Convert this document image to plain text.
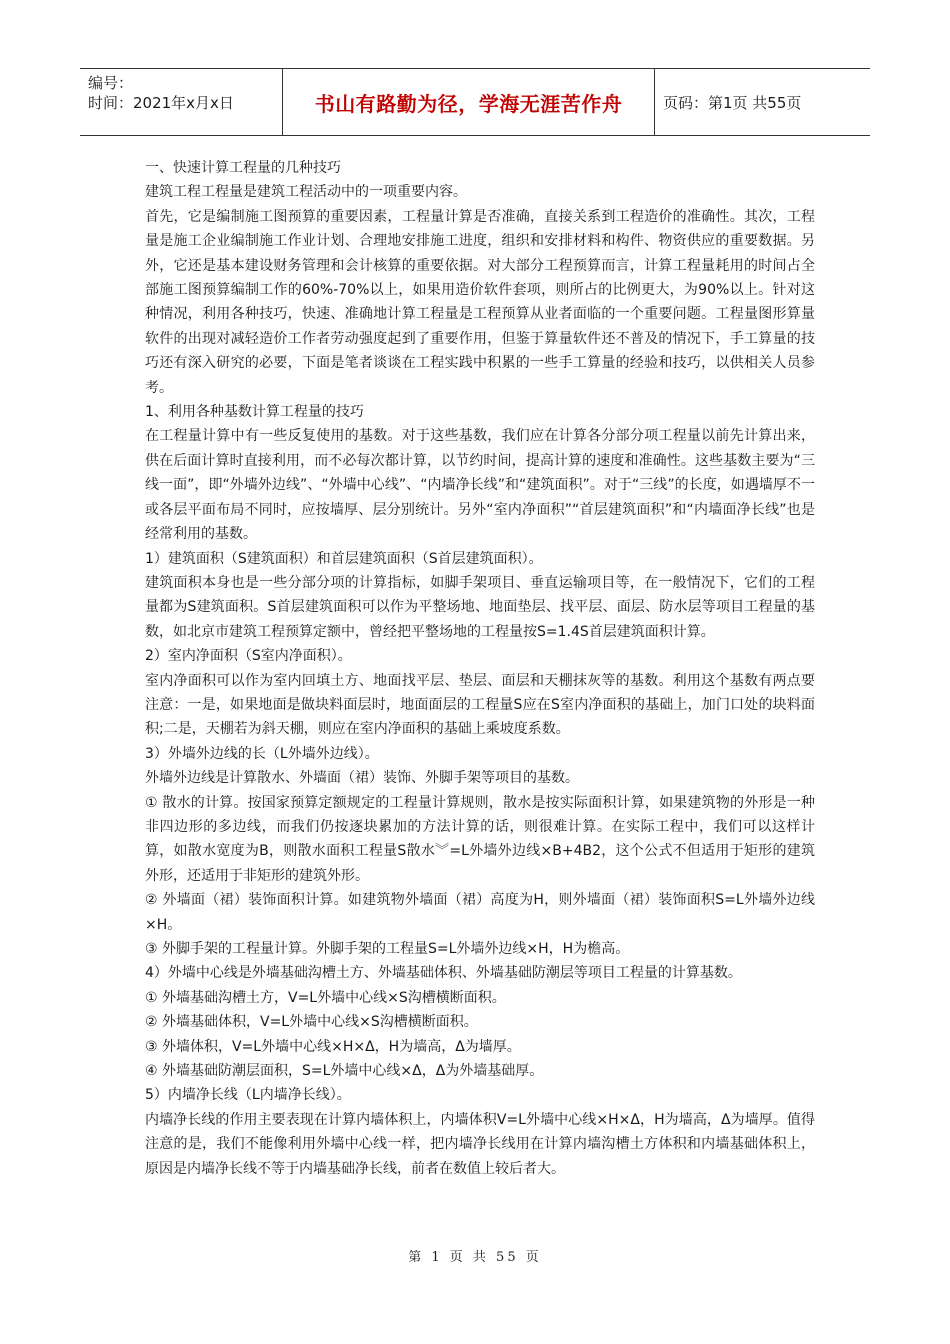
编号：
时间：2021年x月x日	书山有路勤为径，学海无涯苦作舟	页码：第1页 共55页

一、快速计算工程量的几种技巧

建筑工程工程量是建筑工程活动中的一项重要内容。

首先，它是编制施工图预算的重要因素，工程量计算是否准确，直接关系到工程造价的准确性。其次，工程量是施工企业编制施工作业计划、合理地安排施工进度，组织和安排材料和构件、物资供应的重要数据。另外，它还是基本建设财务管理和会计核算的重要依据。对大部分工程预算而言，计算工程量耗用的时间占全部施工图预算编制工作的60%-70%以上，如果用造价软件套项，则所占的比例更大，为90%以上。针对这种情况，利用各种技巧，快速、准确地计算工程量是工程预算从业者面临的一个重要问题。工程量图形算量软件的出现对减轻造价工作者劳动强度起到了重要作用，但鉴于算量软件还不普及的情况下，手工算量的技巧还有深入研究的必要，下面是笔者谈谈在工程实践中积累的一些手工算量的经验和技巧，以供相关人员参考。

1、利用各种基数计算工程量的技巧

在工程量计算中有一些反复使用的基数。对于这些基数，我们应在计算各分部分项工程量以前先计算出来，供在后面计算时直接利用，而不必每次都计算，以节约时间，提高计算的速度和准确性。这些基数主要为“三线一面”，即“外墙外边线”、“外墙中心线”、“内墙净长线”和“建筑面积”。对于“三线”的长度，如遇墙厚不一或各层平面布局不同时，应按墙厚、层分别统计。另外“室内净面积”“首层建筑面积”和“内墙面净长线”也是经常利用的基数。

1）建筑面积（S建筑面积）和首层建筑面积（S首层建筑面积）。

建筑面积本身也是一些分部分项的计算指标，如脚手架项目、垂直运输项目等，在一般情况下，它们的工程量都为S建筑面积。S首层建筑面积可以作为平整场地、地面垫层、找平层、面层、防水层等项目工程量的基数，如北京市建筑工程预算定额中，曾经把平整场地的工程量按S=1.4S首层建筑面积计算。

2）室内净面积（S室内净面积）。

室内净面积可以作为室内回填土方、地面找平层、垫层、面层和天棚抹灰等的基数。利用这个基数有两点要注意：一是，如果地面是做块料面层时，地面面层的工程量S应在S室内净面积的基础上，加门口处的块料面积;二是，天棚若为斜天棚，则应在室内净面积的基础上乘坡度系数。

3）外墙外边线的长（L外墙外边线）。

外墙外边线是计算散水、外墙面（裙）装饰、外脚手架等项目的基数。

① 散水的计算。按国家预算定额规定的工程量计算规则，散水是按实际面积计算，如果建筑物的外形是一种非四边形的多边线，而我们仍按逐块累加的方法计算的话，则很难计算。在实际工程中，我们可以这样计算，如散水宽度为B，则散水面积工程量S散水︾=L外墙外边线×B+4B2，这个公式不但适用于矩形的建筑外形，还适用于非矩形的建筑外形。

② 外墙面（裙）装饰面积计算。如建筑物外墙面（裙）高度为H，则外墙面（裙）装饰面积S=L外墙外边线×H。

③ 外脚手架的工程量计算。外脚手架的工程量S=L外墙外边线×H，H为檐高。

4）外墙中心线是外墙基础沟槽土方、外墙基础体积、外墙基础防潮层等项目工程量的计算基数。

① 外墙基础沟槽土方，V=L外墙中心线×S沟槽横断面积。

② 外墙基础体积，V=L外墙中心线×S沟槽横断面积。

③ 外墙体积，V=L外墙中心线×H×Δ，H为墙高，Δ为墙厚。

④ 外墙基础防潮层面积，S=L外墙中心线×Δ，Δ为外墙基础厚。

5）内墙净长线（L内墙净长线）。

内墙净长线的作用主要表现在计算内墙体积上，内墙体积V=L外墙中心线×H×Δ，H为墙高，Δ为墙厚。值得注意的是，我们不能像利用外墙中心线一样，把内墙净长线用在计算内墙沟槽土方体积和内墙基础体积上，原因是内墙净长线不等于内墙基础净长线，前者在数值上较后者大。

第 1 页 共 55 页
